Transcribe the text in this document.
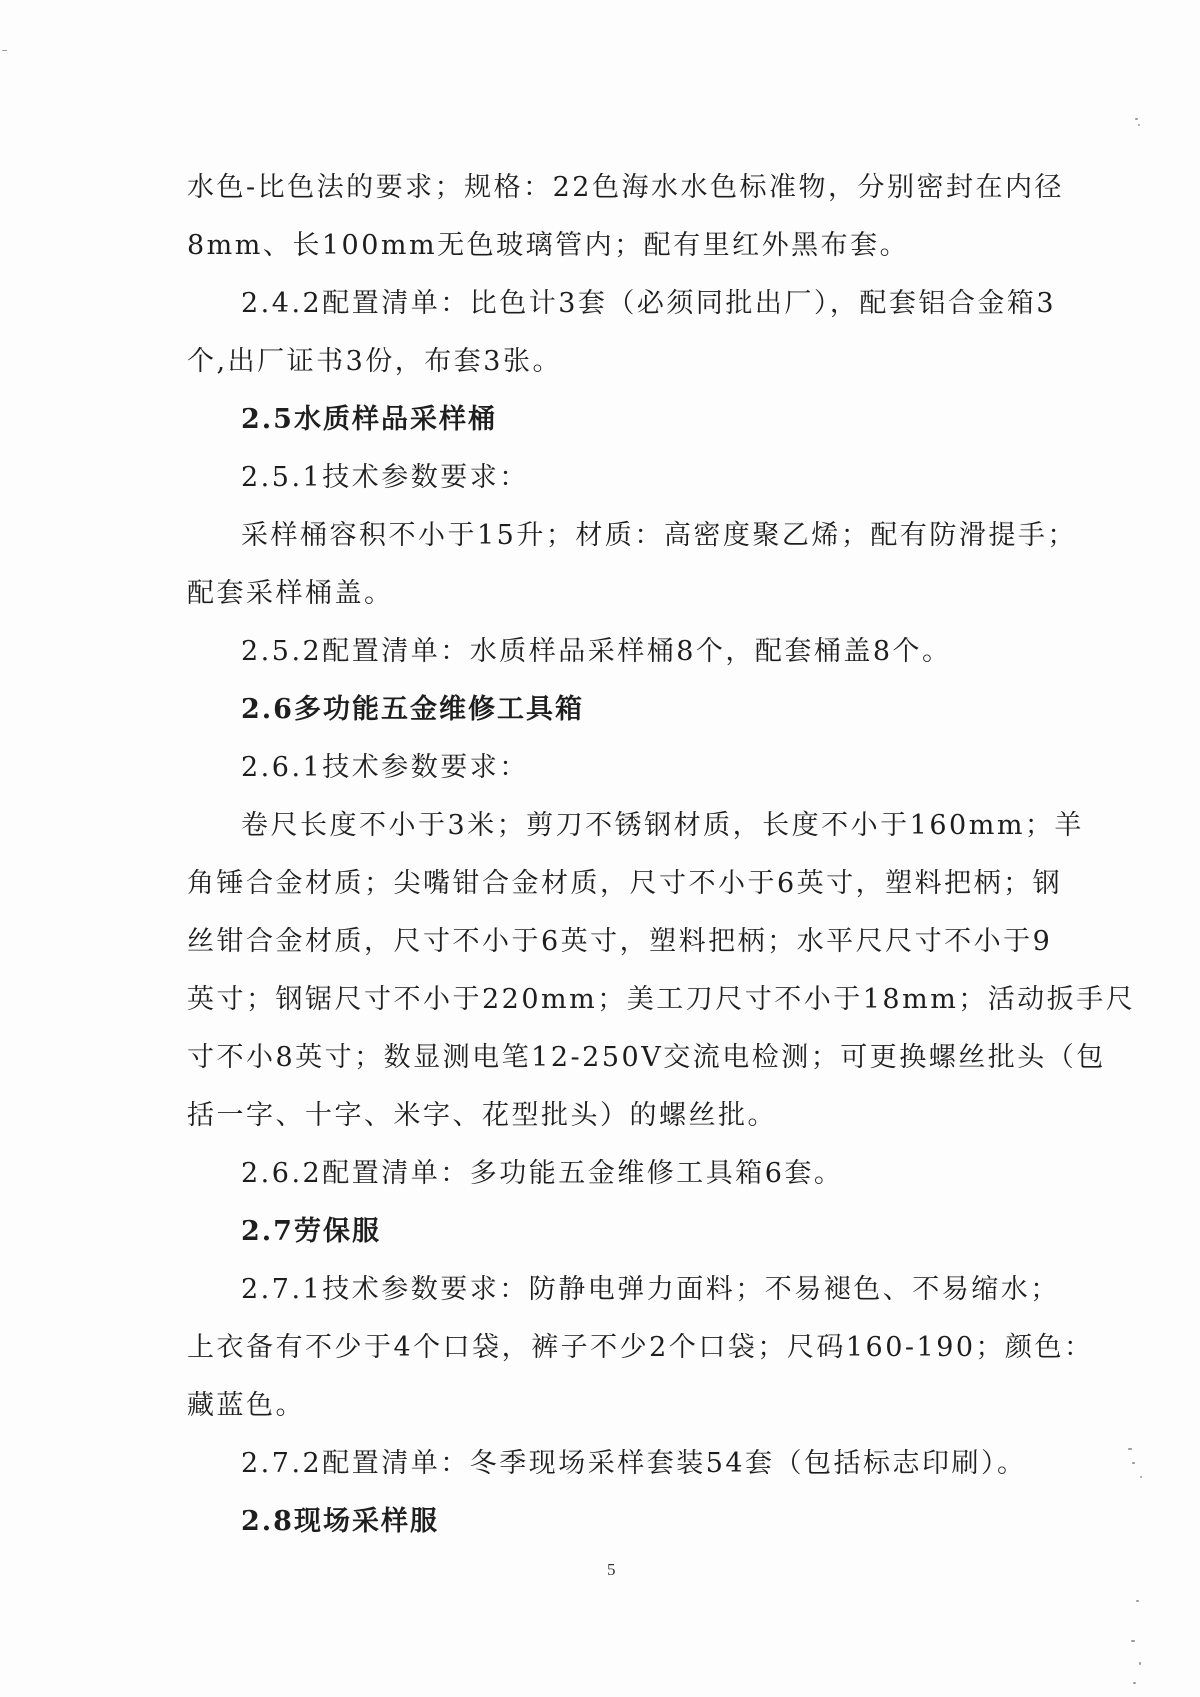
水色-比色法的要求；规格：22色海水水色标准物，分别密封在内径
8mm、长100mm无色玻璃管内；配有里红外黑布套。
2.4.2配置清单：比色计3套（必须同批出厂），配套铝合金箱3
个,出厂证书3份，布套3张。
2.5水质样品采样桶
2.5.1技术参数要求：
采样桶容积不小于15升；材质：高密度聚乙烯；配有防滑提手；
配套采样桶盖。
2.5.2配置清单：水质样品采样桶8个，配套桶盖8个。
2.6多功能五金维修工具箱
2.6.1技术参数要求：
卷尺长度不小于3米；剪刀不锈钢材质，长度不小于160mm；羊
角锤合金材质；尖嘴钳合金材质，尺寸不小于6英寸，塑料把柄；钢
丝钳合金材质，尺寸不小于6英寸，塑料把柄；水平尺尺寸不小于9
英寸；钢锯尺寸不小于220mm；美工刀尺寸不小于18mm；活动扳手尺
寸不小8英寸；数显测电笔12-250V交流电检测；可更换螺丝批头（包
括一字、十字、米字、花型批头）的螺丝批。
2.6.2配置清单：多功能五金维修工具箱6套。
2.7劳保服
2.7.1技术参数要求：防静电弹力面料；不易褪色、不易缩水；
上衣备有不少于4个口袋，裤子不少2个口袋；尺码160-190；颜色：
藏蓝色。
2.7.2配置清单：冬季现场采样套装54套（包括标志印刷）。
2.8现场采样服
5
